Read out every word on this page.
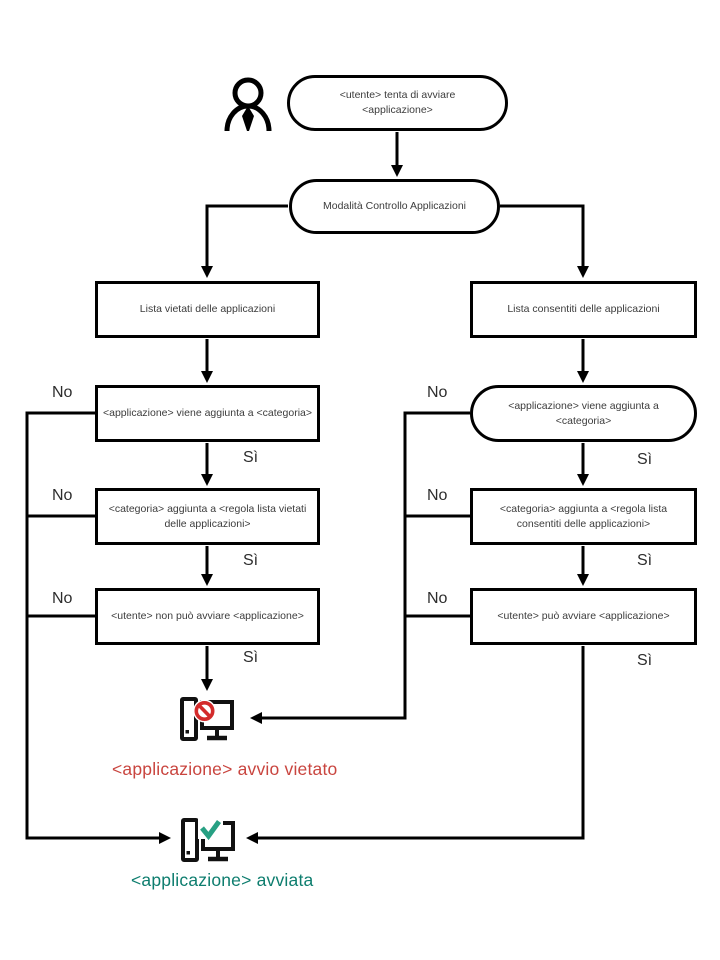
<utente> tenta di avviare <applicazione>
Modalità Controllo Applicazioni
Lista vietati delle applicazioni
<applicazione> viene aggiunta a <categoria>
<categoria> aggiunta a <regola lista vietati delle applicazioni>
<utente> non può avviare <applicazione>
Lista consentiti delle applicazioni
<applicazione> viene aggiunta a <categoria>
<categoria> aggiunta a <regola lista consentiti delle applicazioni>
<utente> può avviare <applicazione>
No
No
No
No
No
No
Sì
Sì
Sì
Sì
Sì
Sì
<applicazione> avvio vietato
<applicazione> avviata
